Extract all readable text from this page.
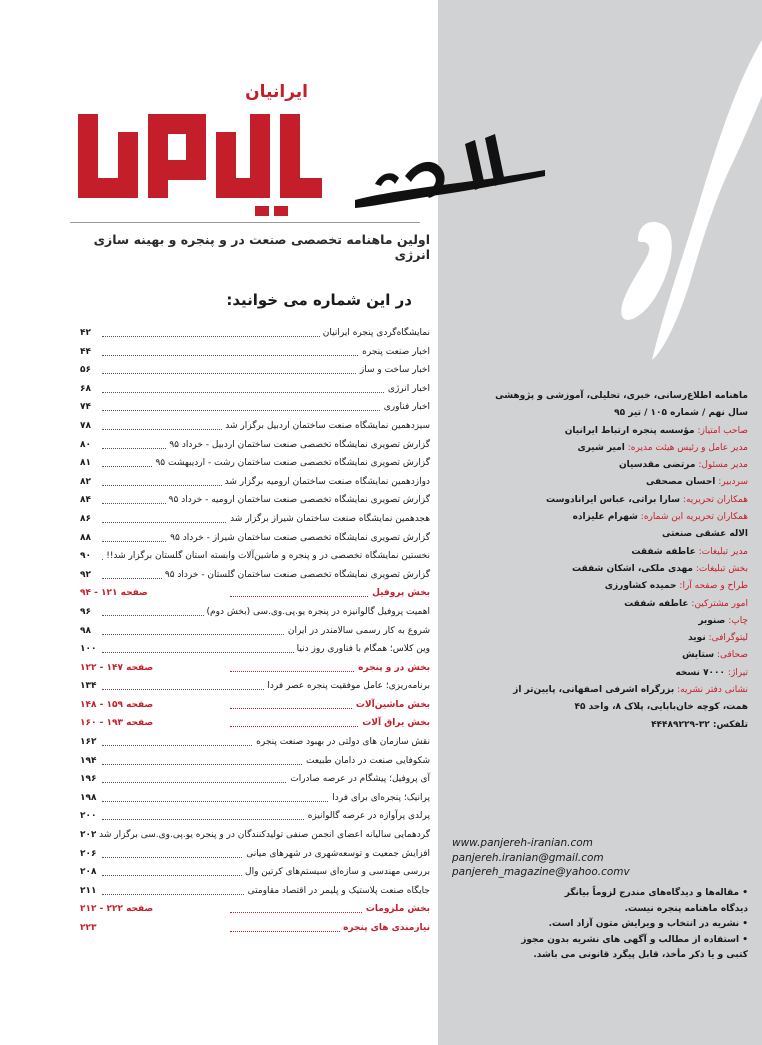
ایرانیان
اولین ماهنامه تخصصی صنعت در و پنجره و بهینه سازی انرژی
در این شماره می خوانید:
۴۲	نمایشگاه‌گردی پنجره ایرانیان
۴۴	اخبار صنعت پنجره
۵۶	اخبار ساخت و ساز
۶۸	اخبار انرژی
۷۴	اخبار فناوری
۷۸	سیزدهمین نمایشگاه صنعت ساختمان اردبیل برگزار شد
۸۰	گزارش تصویری نمایشگاه تخصصی صنعت ساختمان اردبیل - خرداد ۹۵
۸۱	گزارش تصویری نمایشگاه تخصصی صنعت ساختمان رشت - اردیبهشت ۹۵
۸۲	دوازدهمین نمایشگاه صنعت ساختمان ارومیه برگزار شد
۸۴	گزارش تصویری نمایشگاه تخصصی صنعت ساختمان ارومیه - خرداد ۹۵
۸۶	هجدهمین نمایشگاه صنعت ساختمان شیراز برگزار شد
۸۸	گزارش تصویری نمایشگاه تخصصی صنعت ساختمان شیراز - خرداد ۹۵
۹۰	نخستین نمایشگاه تخصصی در و پنجره و ماشین‌آلات وابسته استان گلستان برگزار شد!!
۹۲	گزارش تصویری نمایشگاه تخصصی صنعت ساختمان گلستان - خرداد ۹۵
صفحه ۱۲۱ - ۹۴	بخش پروفیل
۹۶	اهمیت پروفیل گالوانیزه در پنجره یو.پی.وی.سی (بخش دوم)
۹۸	شروع به کار رسمی سالامندر در ایران
۱۰۰	وین کلاس؛ همگام با فناوری روز دنیا
صفحه ۱۴۷ - ۱۲۲	بخش در و پنجره
۱۳۴	برنامه‌ریزی؛ عامل موفقیت پنجره عصر فردا
صفحه ۱۵۹ - ۱۴۸	بخش ماشین‌آلات
صفحه ۱۹۳ - ۱۶۰	بخش یراق آلات
۱۶۲	نقش سازمان های دولتی در بهبود صنعت پنجره
۱۹۴	شکوفایی صنعت در دامان طبیعت
۱۹۶	آی پروفیل؛ پیشگام در عرصه صادرات
۱۹۸	پرانیک؛ پنجره‌ای برای فردا
۲۰۰	پرلدی پرآوازه در عرصه گالوانیزه
۲۰۲ گردهمایی سالیانه اعضای انجمن صنفی تولیدکنندگان در و پنجره یو.پی.وی.سی برگزار شد
۲۰۶	افزایش جمعیت و توسعه‌شهری در شهرهای میانی
۲۰۸	بررسی مهندسی و سازه‌ای سیستم‌های کرتین وال
۲۱۱	جایگاه صنعت پلاستیک و پلیمر در اقتصاد مقاومتی
صفحه ۲۲۲ - ۲۱۲	بخش ملزومات
۲۲۳	نیازمندی های پنجره
ماهنامه اطلاع‌رسانی، خبری، تحلیلی، آموزشی و پژوهشی
سال نهم / شماره ۱۰۵ / تیر ۹۵
صاحب امتیاز: مؤسسه پنجره ارتباط ایرانیان
مدیر عامل و رئیس هیئت مدیره: امیر شیری
مدیر مسئول: مرتضی مقدسیان
سردبیر: احسان مصحفی
همکاران تحریریه: سارا براتی، عباس ایرانادوست
همکاران تحریریه این شماره: شهرام علیزاده
الاله عشقی صنعتی
مدیر تبلیغات: عاطفه شفقت
بخش تبلیغات: مهدی ملکی، اشکان شفقت
طراح و صفحه آرا: حمیده کشاورزی
امور مشترکین: عاطفه شفقت
چاپ: صنوبر
لیتوگرافی: نوید
صحافی: ستایش
تیراژ: ۷۰۰۰ نسخه
نشانی دفتر نشریه: بزرگراه اشرفی اصفهانی، پایین‌تر از
همت، کوچه خان‌بابایی، پلاک ۸، واحد ۴۵
تلفکس: ۳۲-۴۴۴۸۹۲۲۹
www.panjereh-iranian.com
panjereh.iranian@gmail.com
panjereh_magazine@yahoo.comv
• مقاله‌ها و دیدگاه‌های مندرج لزوماً بیانگر
دیدگاه ماهنامه پنجره نیست.
• نشریه در انتخاب و ویرایش متون آزاد است.
• استفاده از مطالب و آگهی های نشریه بدون مجوز
کتبی و یا ذکر مأخذ، قابل پیگرد قانونی می باشد.
